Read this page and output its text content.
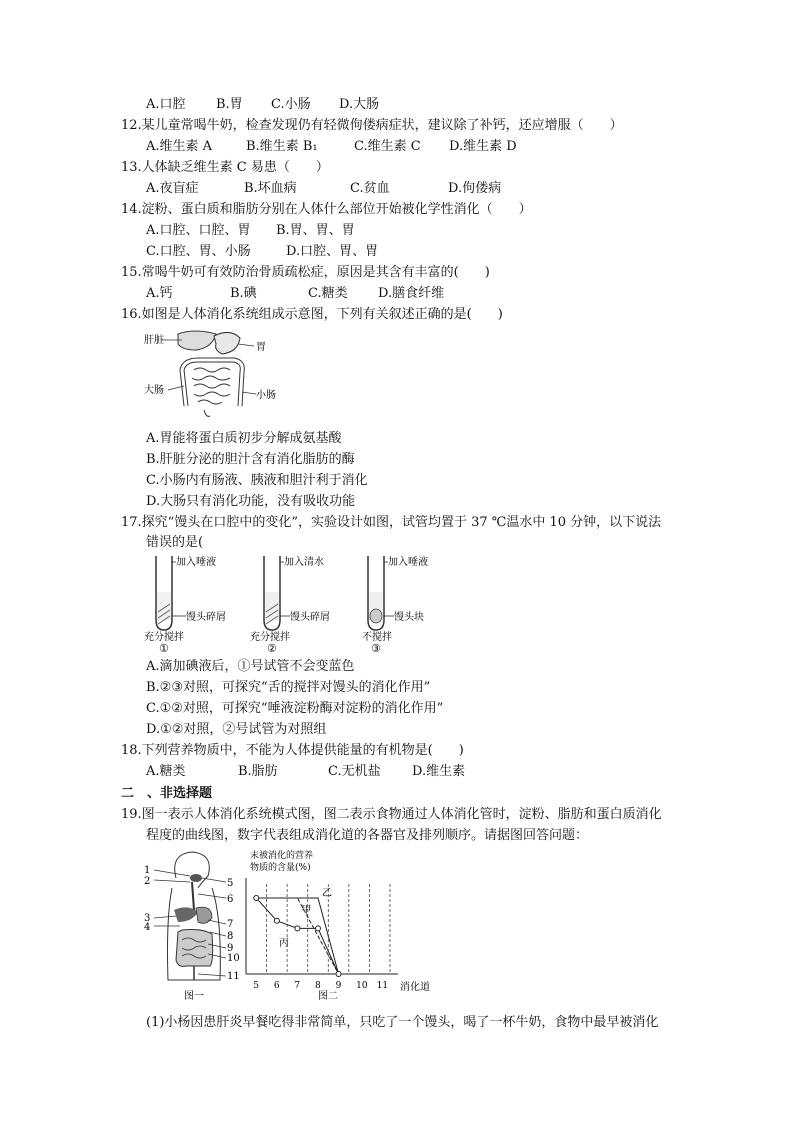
A.口腔 B.胃 C.小肠 D.大肠
12.某儿童常喝牛奶，检查发现仍有轻微佝偻病症状，建议除了补钙，还应增服（　　）
A.维生素 A	B.维生素 B₁	C.维生素 C D.维生素 D
13.人体缺乏维生素 C 易患（　　）
A.夜盲症	B.坏血病	C.贫血	D.佝偻病
14.淀粉、蛋白质和脂肪分别在人体什么部位开始被化学性消化（　　）
A.口腔、口腔、胃 B.胃、胃、胃
C.口腔、胃、小肠	D.口腔、胃、胃
15.常喝牛奶可有效防治骨质疏松症，原因是其含有丰富的(　　)
A.钙	B.碘	C.糖类 D.膳食纤维
16.如图是人体消化系统组成示意图，下列有关叙述正确的是(　　)
肝脏
胃
大肠	小肠
A.胃能将蛋白质初步分解成氨基酸
B.肝脏分泌的胆汁含有消化脂肪的酶
C.小肠内有肠液、胰液和胆汁利于消化
D.大肠只有消化功能，没有吸收功能
17.探究“馒头在口腔中的变化”，实验设计如图，试管均置于 37 ℃温水中 10 分钟，以下说法
错误的是(
加入唾液
馒头碎屑
充分搅拌
①
加入清水
馒头碎屑
充分搅拌
②
加入唾液
馒头块
不搅拌
③
A.滴加碘液后，①号试管不会变蓝色
B.②③对照，可探究“舌的搅拌对馒头的消化作用”
C.①②对照，可探究“唾液淀粉酶对淀粉的消化作用”
D.①②对照，②号试管为对照组
18.下列营养物质中，不能为人体提供能量的有机物是(　　)
A.糖类	B.脂肪	C.无机盐 D.维生素
二　、非选择题
19.图一表示人体消化系统模式图，图二表示食物通过人体消化管时，淀粉、脂肪和蛋白质消化
程度的曲线图，数字代表组成消化道的各器官及排列顺序。请据图回答问题：
1
2
3
4
5
6
7
8
9
10
11
图一
未被消化的营养
物质的含量(%)
5 6 7 8 9 10 11
甲
乙
丙
消化道
图二
(1)小杨因患肝炎早餐吃得非常简单，只吃了一个馒头，喝了一杯牛奶，食物中最早被消化
